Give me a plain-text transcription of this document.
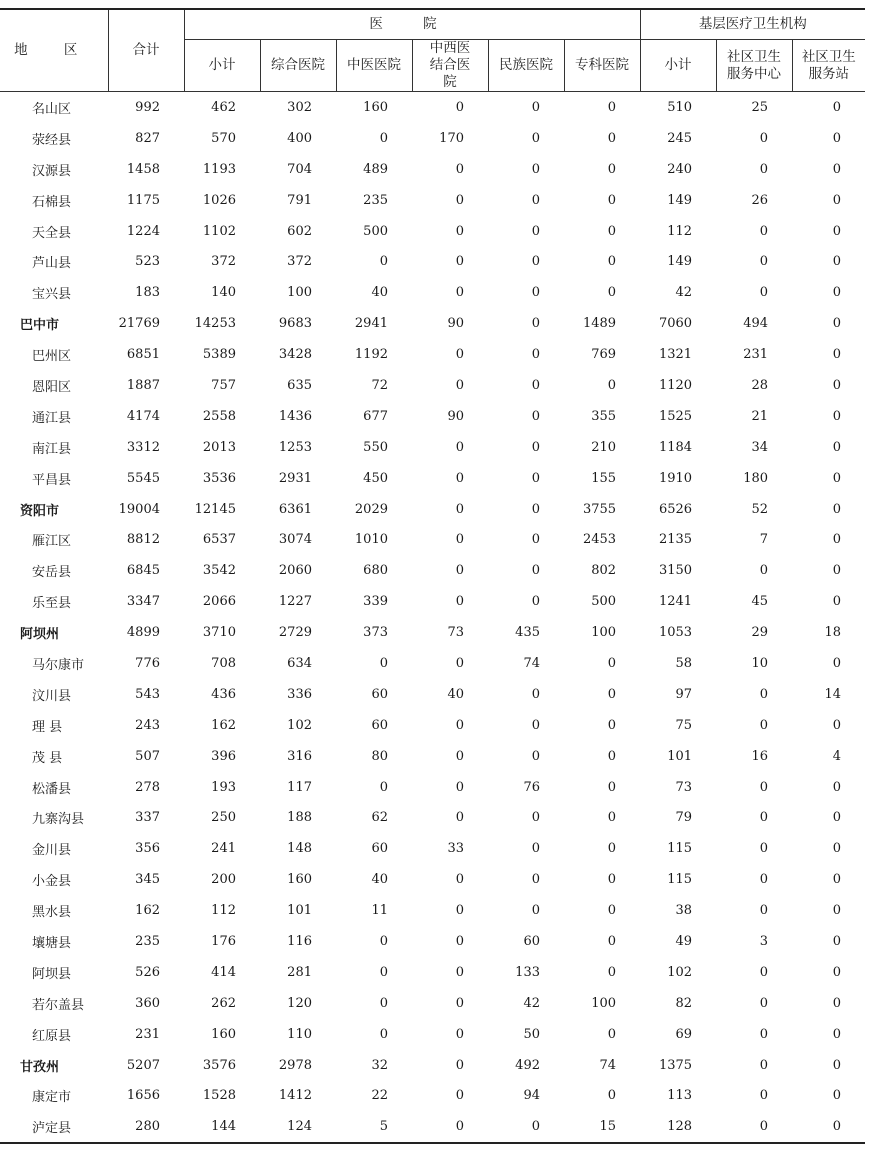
地 区	合计	医 院						基层医疗卫生机构		
		小计	综合医院	中医医院	中西医结合医院	民族医院	专科医院	小计	社区卫生服务中心	社区卫生服务站
名山区	992	462	302	160	0	0	0	510	25	0
荥经县	827	570	400	0	170	0	0	245	0	0
汉源县	1458	1193	704	489	0	0	0	240	0	0
石棉县	1175	1026	791	235	0	0	0	149	26	0
天全县	1224	1102	602	500	0	0	0	112	0	0
芦山县	523	372	372	0	0	0	0	149	0	0
宝兴县	183	140	100	40	0	0	0	42	0	0
巴中市	21769	14253	9683	2941	90	0	1489	7060	494	0
巴州区	6851	5389	3428	1192	0	0	769	1321	231	0
恩阳区	1887	757	635	72	0	0	0	1120	28	0
通江县	4174	2558	1436	677	90	0	355	1525	21	0
南江县	3312	2013	1253	550	0	0	210	1184	34	0
平昌县	5545	3536	2931	450	0	0	155	1910	180	0
资阳市	19004	12145	6361	2029	0	0	3755	6526	52	0
雁江区	8812	6537	3074	1010	0	0	2453	2135	7	0
安岳县	6845	3542	2060	680	0	0	802	3150	0	0
乐至县	3347	2066	1227	339	0	0	500	1241	45	0
阿坝州	4899	3710	2729	373	73	435	100	1053	29	18
马尔康市	776	708	634	0	0	74	0	58	10	0
汶川县	543	436	336	60	40	0	0	97	0	14
理 县	243	162	102	60	0	0	0	75	0	0
茂 县	507	396	316	80	0	0	0	101	16	4
松潘县	278	193	117	0	0	76	0	73	0	0
九寨沟县	337	250	188	62	0	0	0	79	0	0
金川县	356	241	148	60	33	0	0	115	0	0
小金县	345	200	160	40	0	0	0	115	0	0
黑水县	162	112	101	11	0	0	0	38	0	0
壤塘县	235	176	116	0	0	60	0	49	3	0
阿坝县	526	414	281	0	0	133	0	102	0	0
若尔盖县	360	262	120	0	0	42	100	82	0	0
红原县	231	160	110	0	0	50	0	69	0	0
甘孜州	5207	3576	2978	32	0	492	74	1375	0	0
康定市	1656	1528	1412	22	0	94	0	113	0	0
泸定县	280	144	124	5	0	0	15	128	0	0
